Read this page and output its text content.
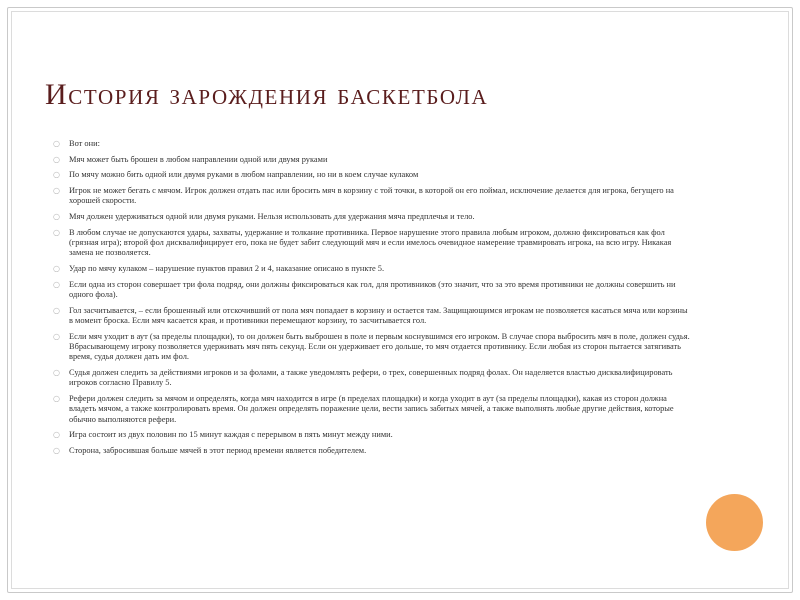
История зарождения баскетбола
○ Вот они:
○ Мяч может быть брошен в любом направлении одной или двумя руками
○ По мячу можно бить одной или двумя руками в любом направлении, но ни в коем случае кулаком
○ Игрок не может бегать с мячом. Игрок должен отдать пас или бросить мяч в корзину с той точки, в которой он его поймал, исключение делается для игрока, бегущего на хорошей скорости.
○ Мяч должен удерживаться одной или двумя руками. Нельзя использовать для удержания мяча предплечья и тело.
○ В любом случае не допускаются удары, захваты, удержание и толкание противника. Первое нарушение этого правила любым игроком, должно фиксироваться как фол (грязная игра); второй фол дисквалифицирует его, пока не будет забит следующий мяч и если имелось очевидное намерение травмировать игрока, на всю игру. Никакая замена не позволяется.
○ Удар по мячу кулаком – нарушение пунктов правил 2 и 4, наказание описано в пункте 5.
○ Если одна из сторон совершает три фола подряд, они должны фиксироваться как гол, для противников (это значит, что за это время противники не должны совершить ни одного фола).
○ Гол засчитывается, – если брошенный или отскочивший от пола мяч попадает в корзину и остается там. Защищающимся игрокам не позволяется касаться мяча или корзины в момент броска. Если мяч касается края, и противники перемещают корзину, то засчитывается гол.
○ Если мяч уходит в аут (за пределы площадки), то он должен быть выброшен в поле и первым коснувшимся его игроком. В случае спора выбросить мяч в поле, должен судья. Вбрасывающему игроку позволяется удерживать мяч пять секунд. Если он удерживает его дольше, то мяч отдается противнику. Если любая из сторон пытается затягивать время, судья должен дать им фол.
○ Судья должен следить за действиями игроков и за фолами, а также уведомлять рефери, о трех, совершенных подряд фолах. Он наделяется властью дисквалифицировать игроков согласно Правилу 5.
○ Рефери должен следить за мячом и определять, когда мяч находится в игре (в пределах площадки) и когда уходит в аут (за пределы площадки), какая из сторон должна владеть мячом, а также контролировать время. Он должен определять поражение цели, вести запись забитых мячей, а также выполнять любые другие действия, которые обычно выполняются рефери.
○ Игра состоит из двух половин по 15 минут каждая с перерывом в пять минут между ними.
○ Сторона, забросившая больше мячей в этот период времени является победителем.
